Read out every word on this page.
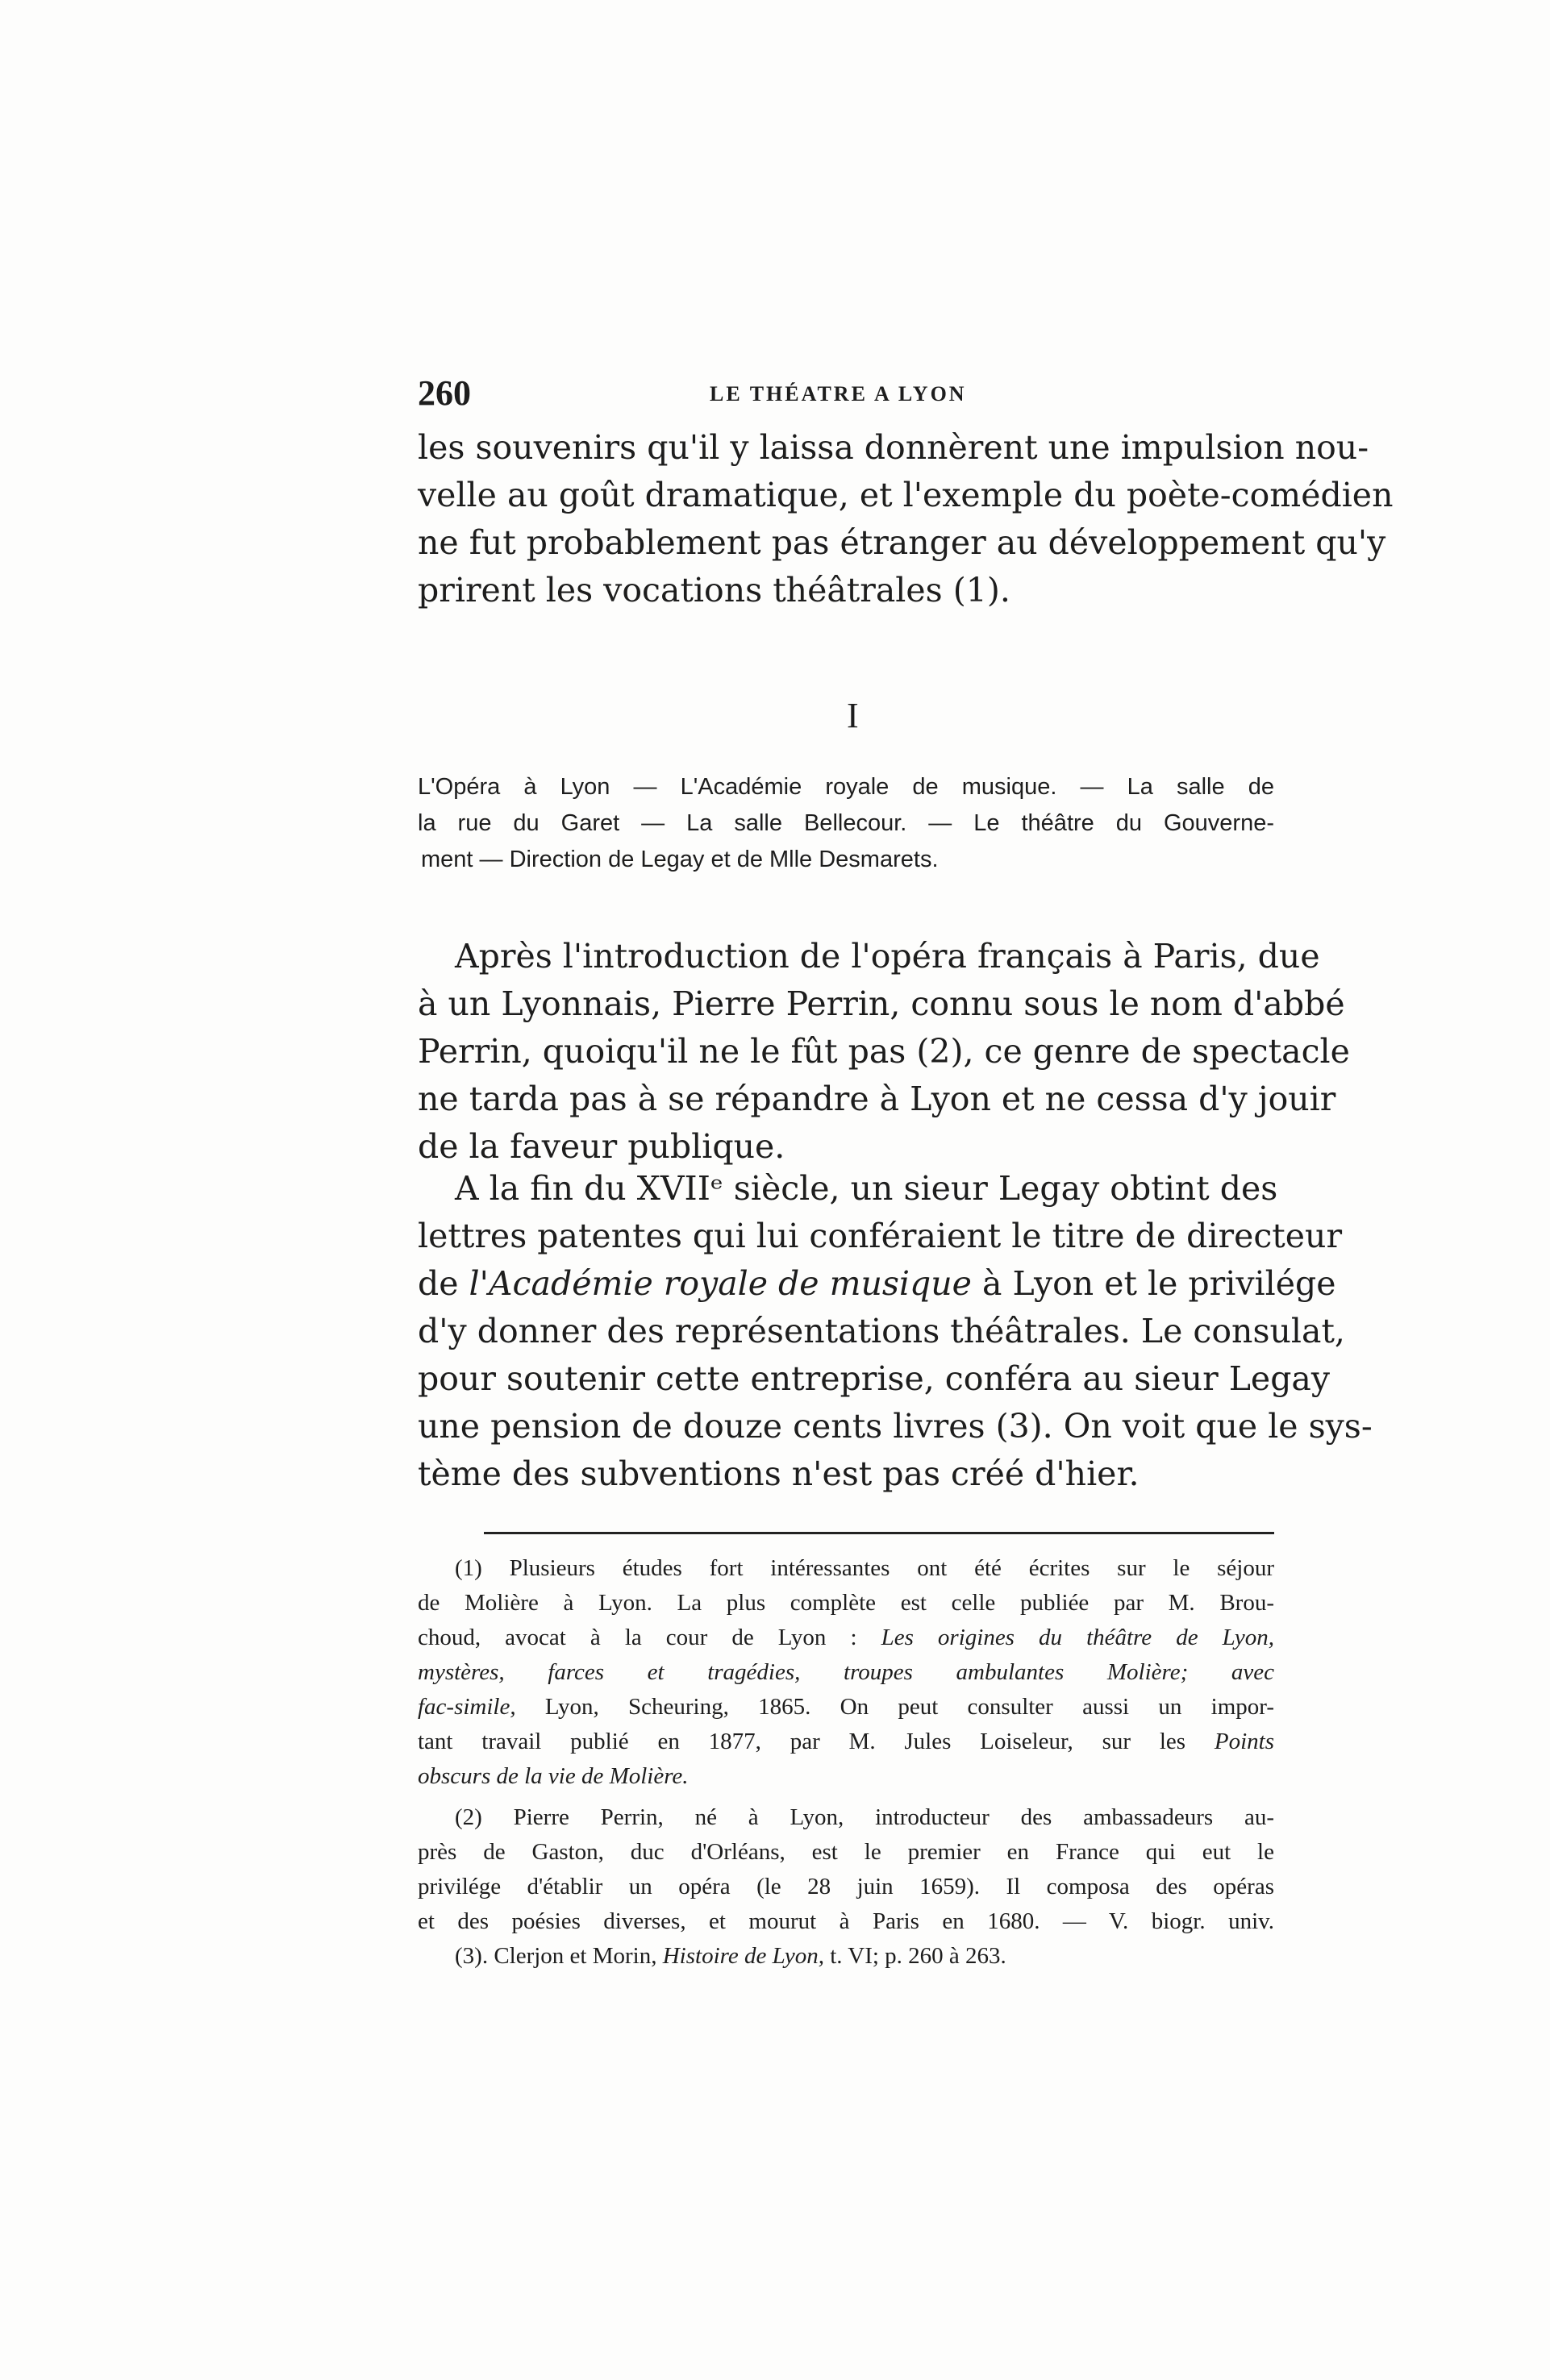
260	LE THÉATRE A LYON
les souvenirs qu'il y laissa donnèrent une impulsion nou-
velle au goût dramatique, et l'exemple du poète-comédien
ne fut probablement pas étranger au développement qu'y
prirent les vocations théâtrales (1).
I
L'Opéra à Lyon — L'Académie royale de musique. — La salle de
la rue du Garet — La salle Bellecour. — Le théâtre du Gouverne-
ment — Direction de Legay et de Mlle Desmarets.
Après l'introduction de l'opéra français à Paris, due
à un Lyonnais, Pierre Perrin, connu sous le nom d'abbé
Perrin, quoiqu'il ne le fût pas (2), ce genre de spectacle
ne tarda pas à se répandre à Lyon et ne cessa d'y jouir
de la faveur publique.
A la fin du XVIIᵉ siècle, un sieur Legay obtint des
lettres patentes qui lui conféraient le titre de directeur
de l'Académie royale de musique à Lyon et le privilége
d'y donner des représentations théâtrales. Le consulat,
pour soutenir cette entreprise, conféra au sieur Legay
une pension de douze cents livres (3). On voit que le sys-
tème des subventions n'est pas créé d'hier.
(1) Plusieurs études fort intéressantes ont été écrites sur le séjour
de Molière à Lyon. La plus complète est celle publiée par M. Brou-
choud, avocat à la cour de Lyon : Les origines du théâtre de Lyon,
mystères, farces et tragédies, troupes ambulantes Molière; avec
fac-simile, Lyon, Scheuring, 1865. On peut consulter aussi un impor-
tant travail publié en 1877, par M. Jules Loiseleur, sur les Points
obscurs de la vie de Molière.
(2) Pierre Perrin, né à Lyon, introducteur des ambassadeurs au-
près de Gaston, duc d'Orléans, est le premier en France qui eut le
privilége d'établir un opéra (le 28 juin 1659). Il composa des opéras
et des poésies diverses, et mourut à Paris en 1680. — V. biogr. univ.
(3). Clerjon et Morin, Histoire de Lyon, t. VI; p. 260 à 263.
